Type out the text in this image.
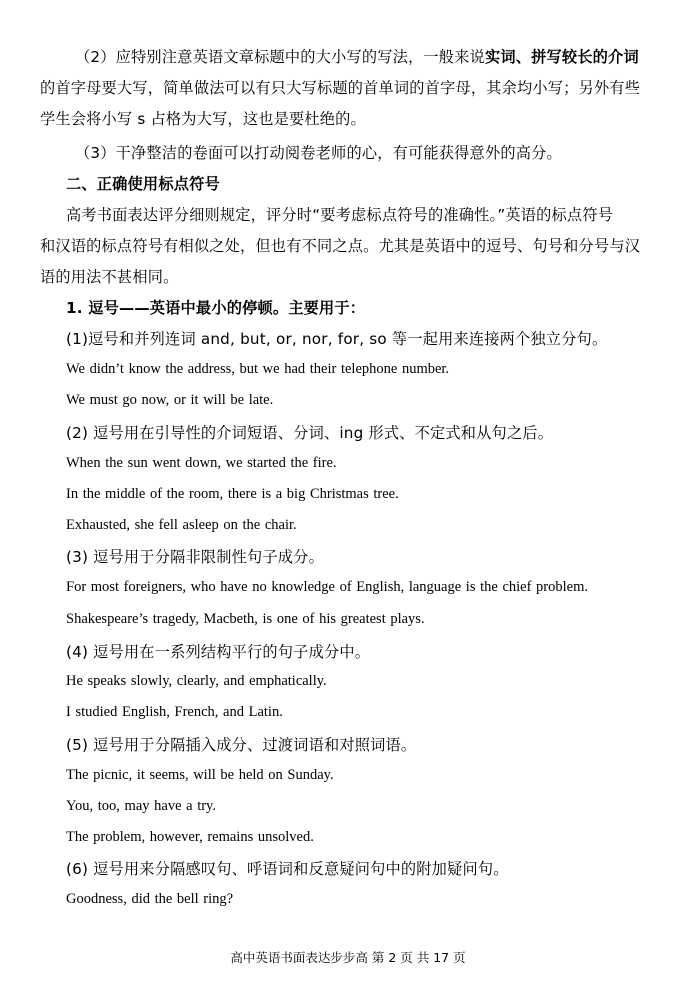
（2）应特别注意英语文章标题中的大小写的写法，一般来说实词、拼写较长的介词
的首字母要大写，简单做法可以有只大写标题的首单词的首字母，其余均小写；另外有些
学生会将小写 s 占格为大写，这也是要杜绝的。
（3）干净整洁的卷面可以打动阅卷老师的心，有可能获得意外的高分。
二、正确使用标点符号
高考书面表达评分细则规定，评分时“要考虑标点符号的准确性。”英语的标点符号
和汉语的标点符号有相似之处，但也有不同之点。尤其是英语中的逗号、句号和分号与汉
语的用法不甚相同。
1. 逗号——英语中最小的停顿。主要用于：
(1)逗号和并列连词 and, but, or, nor, for, so 等一起用来连接两个独立分句。
We didn’t know the address, but we had their telephone number.
We must go now, or it will be late.
(2) 逗号用在引导性的介词短语、分词、ing 形式、不定式和从句之后。
When the sun went down, we started the fire.
In the middle of the room, there is a big Christmas tree.
Exhausted, she fell asleep on the chair.
(3) 逗号用于分隔非限制性句子成分。
For most foreigners, who have no knowledge of English, language is the chief problem.
Shakespeare’s tragedy, Macbeth, is one of his greatest plays.
(4) 逗号用在一系列结构平行的句子成分中。
He speaks slowly, clearly, and emphatically.
I studied English, French, and Latin.
(5) 逗号用于分隔插入成分、过渡词语和对照词语。
The picnic, it seems, will be held on Sunday.
You, too, may have a try.
The problem, however, remains unsolved.
(6) 逗号用来分隔感叹句、呼语词和反意疑问句中的附加疑问句。
Goodness, did the bell ring?
高中英语书面表达步步高 第 2 页 共 17 页
